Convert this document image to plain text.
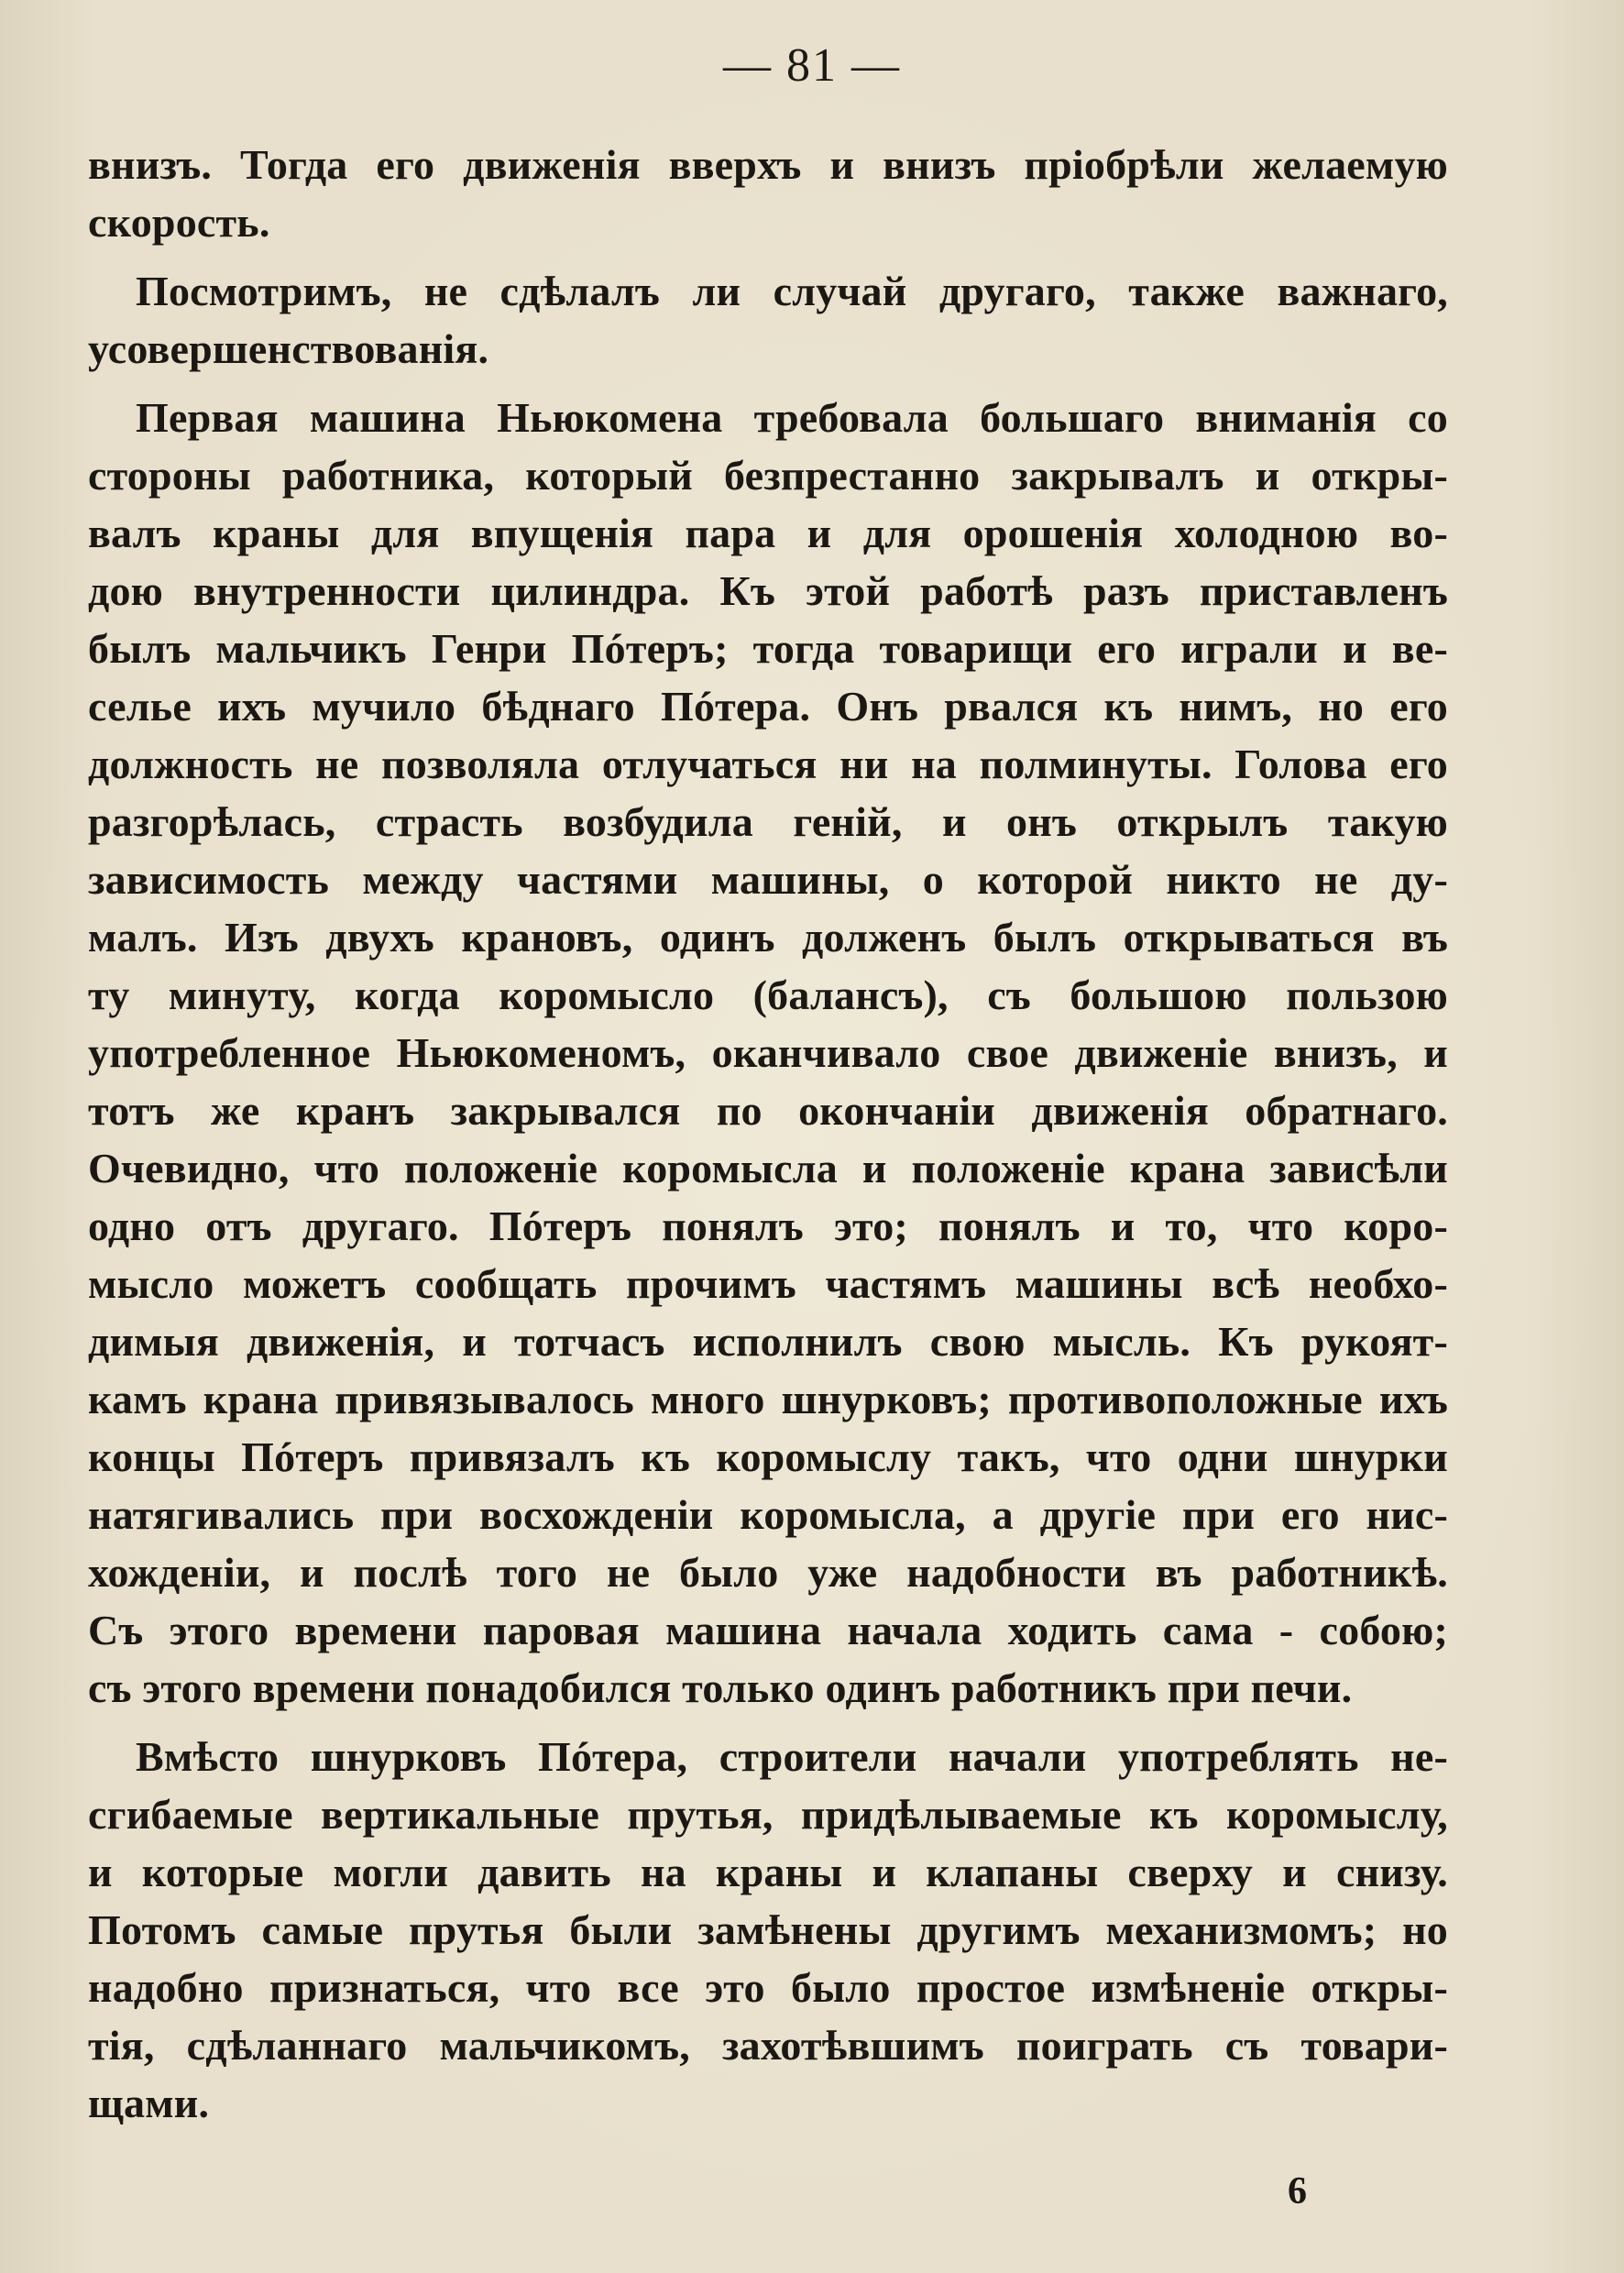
— 81 —
внизъ. Тогда его движенія вверхъ и внизъ пріобрѣли желаемую
скорость.
Посмотримъ, не сдѣлалъ ли случай другаго, также важнаго,
усовершенствованія.
Первая машина Ньюкомена требовала большаго вниманія со
стороны работника, который безпрестанно закрывалъ и откры-
валъ краны для впущенія пара и для орошенія холодною во-
дою внутренности цилиндра. Къ этой работѣ разъ приставленъ
былъ мальчикъ Генри Пóтеръ; тогда товарищи его играли и ве-
селье ихъ мучило бѣднаго Пóтера. Онъ рвался къ нимъ, но его
должность не позволяла отлучаться ни на полминуты. Голова его
разгорѣлась, страсть возбудила геній, и онъ открылъ такую
зависимость между частями машины, о которой никто не ду-
малъ. Изъ двухъ крановъ, одинъ долженъ былъ открываться въ
ту минуту, когда коромысло (балансъ), съ большою пользою
употребленное Ньюкоменомъ, оканчивало свое движеніе внизъ, и
тотъ же кранъ закрывался по окончаніи движенія обратнаго.
Очевидно, что положеніе коромысла и положеніе крана зависѣли
одно отъ другаго. Пóтеръ понялъ это; понялъ и то, что коро-
мысло можетъ сообщать прочимъ частямъ машины всѣ необхо-
димыя движенія, и тотчасъ исполнилъ свою мысль. Къ рукоят-
камъ крана привязывалось много шнурковъ; противоположные ихъ
концы Пóтеръ привязалъ къ коромыслу такъ, что одни шнурки
натягивались при восхожденіи коромысла, а другіе при его нис-
хожденіи, и послѣ того не было уже надобности въ работникѣ.
Съ этого времени паровая машина начала ходить сама - собою;
съ этого времени понадобился только одинъ работникъ при печи.
Вмѣсто шнурковъ Пóтера, строители начали употреблять не-
сгибаемые вертикальные прутья, придѣлываемые къ коромыслу,
и которые могли давить на краны и клапаны сверху и снизу.
Потомъ самые прутья были замѣнены другимъ механизмомъ; но
надобно признаться, что все это было простое измѣненіе откры-
тія, сдѣланнаго мальчикомъ, захотѣвшимъ поиграть съ товари-
щами.
6
